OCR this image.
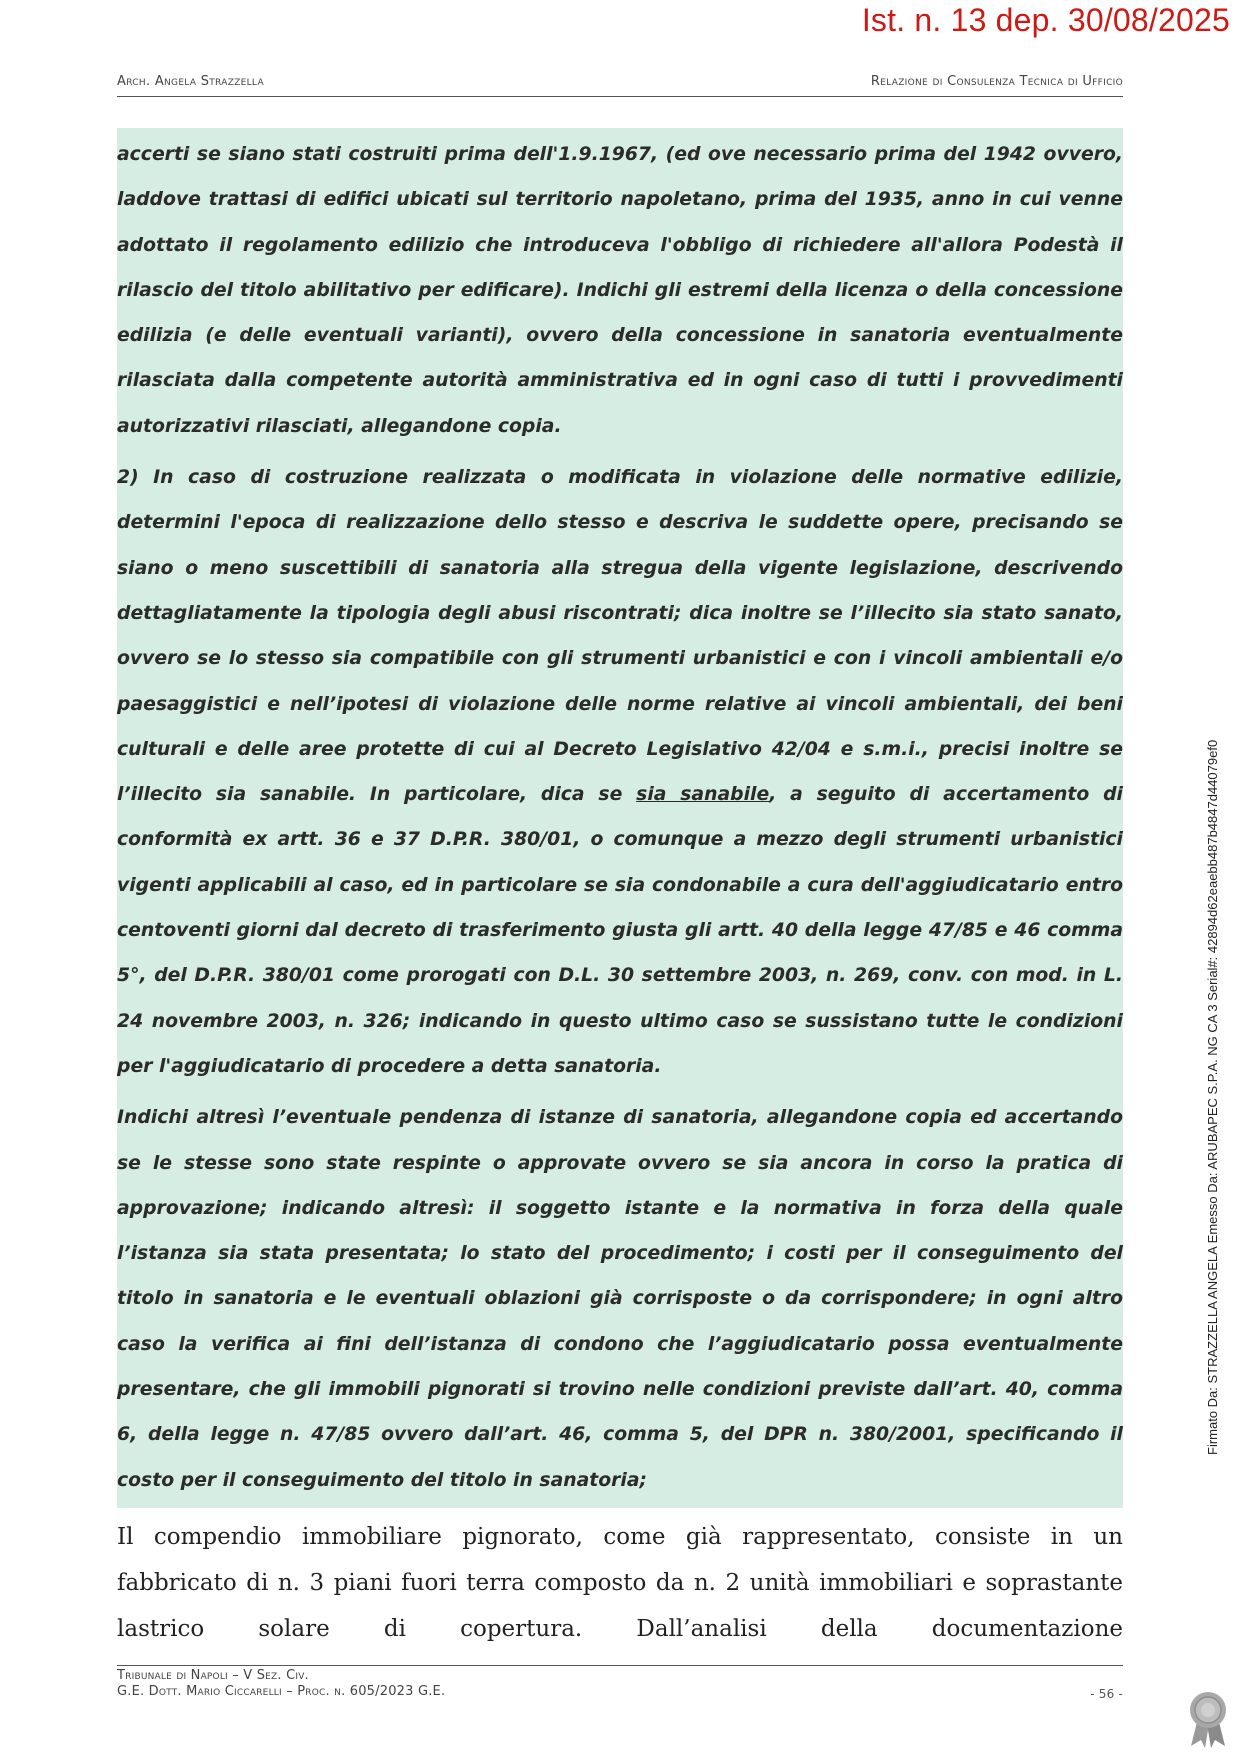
Ist. n. 13 dep. 30/08/2025
Arch. Angela Strazzella	Relazione di Consulenza Tecnica di Ufficio

accerti se siano stati costruiti prima dell'1.9.1967, (ed ove necessario prima del 1942 ovvero, laddove trattasi di edifici ubicati sul territorio napoletano, prima del 1935, anno in cui venne adottato il regolamento edilizio che introduceva l'obbligo di richiedere all'allora Podestà il rilascio del titolo abilitativo per edificare). Indichi gli estremi della licenza o della concessione edilizia (e delle eventuali varianti), ovvero della concessione in sanatoria eventualmente rilasciata dalla competente autorità amministrativa ed in ogni caso di tutti i provvedimenti autorizzativi rilasciati, allegandone copia.

2) In caso di costruzione realizzata o modificata in violazione delle normative edilizie, determini l'epoca di realizzazione dello stesso e descriva le suddette opere, precisando se siano o meno suscettibili di sanatoria alla stregua della vigente legislazione, descrivendo dettagliatamente la tipologia degli abusi riscontrati; dica inoltre se l’illecito sia stato sanato, ovvero se lo stesso sia compatibile con gli strumenti urbanistici e con i vincoli ambientali e/o paesaggistici e nell’ipotesi di violazione delle norme relative ai vincoli ambientali, dei beni culturali e delle aree protette di cui al Decreto Legislativo 42/04 e s.m.i., precisi inoltre se l’illecito sia sanabile. In particolare, dica se sia sanabile, a seguito di accertamento di conformità ex artt. 36 e 37 D.P.R. 380/01, o comunque a mezzo degli strumenti urbanistici vigenti applicabili al caso, ed in particolare se sia condonabile a cura dell'aggiudicatario entro centoventi giorni dal decreto di trasferimento giusta gli artt. 40 della legge 47/85 e 46 comma 5°, del D.P.R. 380/01 come prorogati con D.L. 30 settembre 2003, n. 269, conv. con mod. in L. 24 novembre 2003, n. 326; indicando in questo ultimo caso se sussistano tutte le condizioni per l'aggiudicatario di procedere a detta sanatoria.

Indichi altresì l’eventuale pendenza di istanze di sanatoria, allegandone copia ed accertando se le stesse sono state respinte o approvate ovvero se sia ancora in corso la pratica di approvazione; indicando altresì: il soggetto istante e la normativa in forza della quale l’istanza sia stata presentata; lo stato del procedimento; i costi per il conseguimento del titolo in sanatoria e le eventuali oblazioni già corrisposte o da corrispondere; in ogni altro caso la verifica ai fini dell’istanza di condono che l’aggiudicatario possa eventualmente presentare, che gli immobili pignorati si trovino nelle condizioni previste dall’art. 40, comma 6, della legge n. 47/85 ovvero dall’art. 46, comma 5, del DPR n. 380/2001, specificando il costo per il conseguimento del titolo in sanatoria;

Il compendio immobiliare pignorato, come già rappresentato, consiste in un fabbricato di n. 3 piani fuori terra composto da n. 2 unità immobiliari e soprastante lastrico solare di copertura. Dall’analisi della documentazione

Tribunale di Napoli – V Sez. Civ.
G.E. Dott. Mario Ciccarelli – Proc. n. 605/2023 G.E.	- 56 -
Firmato Da: STRAZZELLA ANGELA Emesso Da: ARUBAPEC S.P.A. NG CA 3 Serial#: 42894d62eaebb487b4847d44079ef0
